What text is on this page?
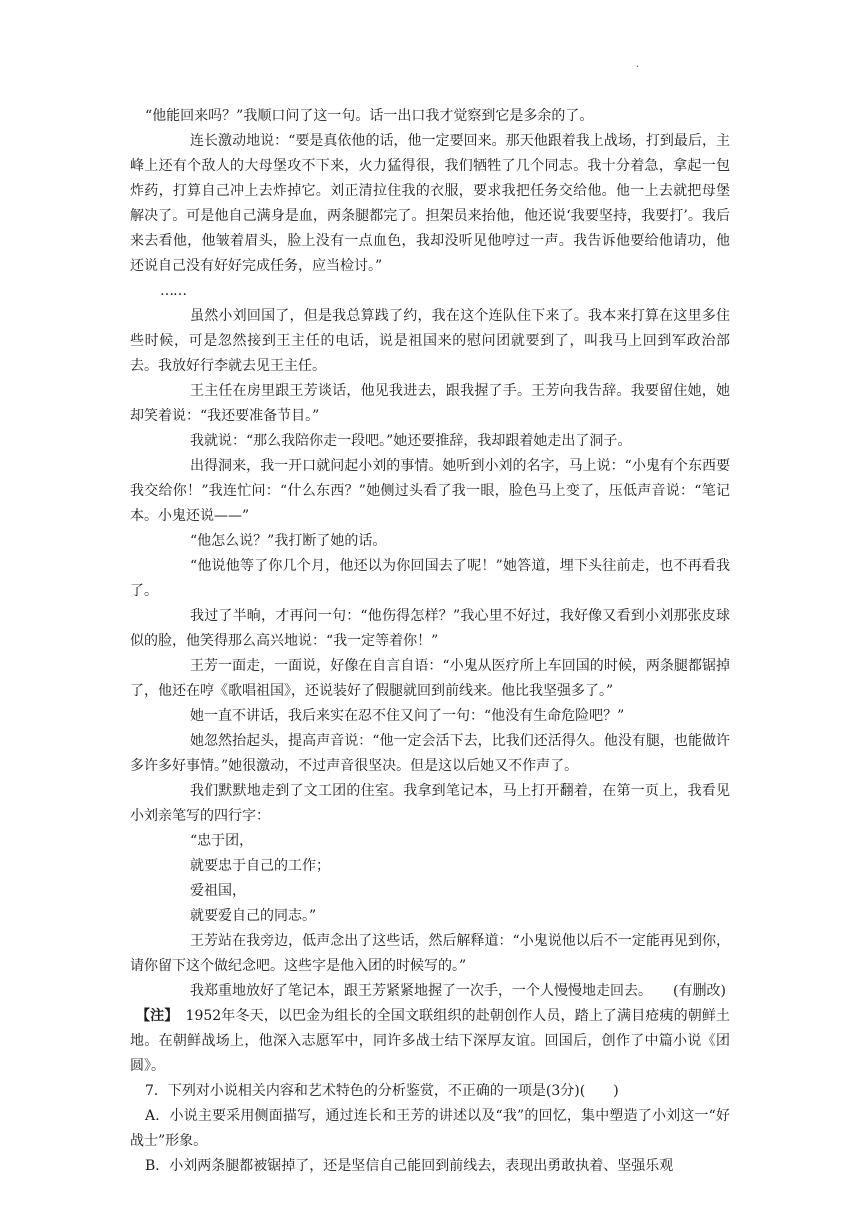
·

“他能回来吗？”我顺口问了这一句。话一出口我才觉察到它是多余的了。

连长激动地说：“要是真依他的话，他一定要回来。那天他跟着我上战场，打到最后，主峰上还有个敌人的大母堡攻不下来，火力猛得很，我们牺牲了几个同志。我十分着急，拿起一包炸药，打算自己冲上去炸掉它。刘正清拉住我的衣服，要求我把任务交给他。他一上去就把母堡解决了。可是他自己满身是血，两条腿都完了。担架员来抬他，他还说‘我要坚持，我要打’。我后来去看他，他皱着眉头，脸上没有一点血色，我却没听见他哼过一声。我告诉他要给他请功，他还说自己没有好好完成任务，应当检讨。”

……

虽然小刘回国了，但是我总算践了约，我在这个连队住下来了。我本来打算在这里多住些时候，可是忽然接到王主任的电话，说是祖国来的慰问团就要到了，叫我马上回到军政治部去。我放好行李就去见王主任。

王主任在房里跟王芳谈话，他见我进去，跟我握了手。王芳向我告辞。我要留住她，她却笑着说：“我还要准备节目。”

我就说：“那么我陪你走一段吧。”她还要推辞，我却跟着她走出了洞子。

出得洞来，我一开口就问起小刘的事情。她听到小刘的名字，马上说：“小鬼有个东西要我交给你！”我连忙问：“什么东西？”她侧过头看了我一眼，脸色马上变了，压低声音说：“笔记本。小鬼还说——”

“他怎么说？”我打断了她的话。

“他说他等了你几个月，他还以为你回国去了呢！”她答道，埋下头往前走，也不再看我了。

我过了半晌，才再问一句：“他伤得怎样？”我心里不好过，我好像又看到小刘那张皮球似的脸，他笑得那么高兴地说：“我一定等着你！”

王芳一面走，一面说，好像在自言自语：“小鬼从医疗所上车回国的时候，两条腿都锯掉了，他还在哼《歌唱祖国》，还说装好了假腿就回到前线来。他比我坚强多了。”

她一直不讲话，我后来实在忍不住又问了一句：“他没有生命危险吧？”

她忽然抬起头，提高声音说：“他一定会活下去，比我们还活得久。他没有腿，也能做许多许多好事情。”她很激动，不过声音很坚决。但是这以后她又不作声了。

我们默默地走到了文工团的住室。我拿到笔记本，马上打开翻着，在第一页上，我看见小刘亲笔写的四行字：

“忠于团，

就要忠于自己的工作；

爱祖国，

就要爱自己的同志。”

王芳站在我旁边，低声念出了这些话，然后解释道：“小鬼说他以后不一定能再见到你，请你留下这个做纪念吧。这些字是他入团的时候写的。”

我郑重地放好了笔记本，跟王芳紧紧地握了一次手，一个人慢慢地走回去。　　(有删改)

【注】　 1952年冬天，以巴金为组长的全国文联组织的赴朝创作人员，踏上了满目疮痍的朝鲜土地。在朝鲜战场上，他深入志愿军中，同许多战士结下深厚友谊。回国后，创作了中篇小说《团圆》。

7．下列对小说相关内容和艺术特色的分析鉴赏，不正确的一项是(3分)(　　)

A．小说主要采用侧面描写，通过连长和王芳的讲述以及“我”的回忆，集中塑造了小刘这一“好战士”形象。

B．小刘两条腿都被锯掉了，还是坚信自己能回到前线去，表现出勇敢执着、坚强乐观
